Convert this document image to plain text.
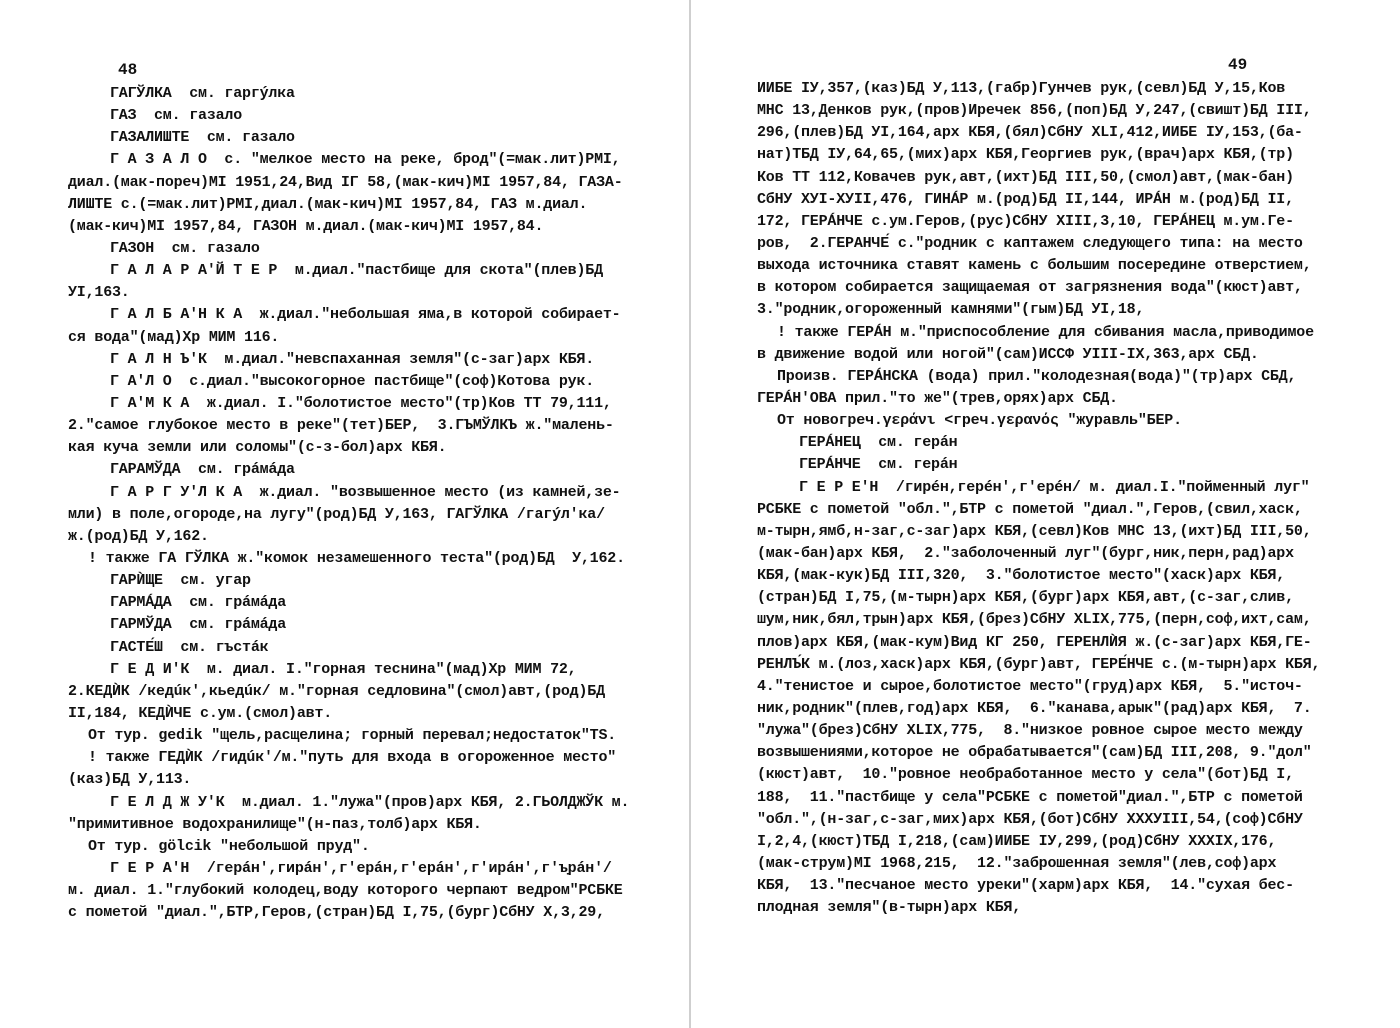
48
ГАГЎЛКА  см. гаргýлка
ГАЗ  см. газало
ГАЗАЛИШТЕ  см. газало
Г А З А Л О  с. "мелкое место на реке, брод"(=мак.лит)РМІ,
диал.(мак-пореч)МІ 1951,24,Вид ІГ 58,(мак-кич)МІ 1957,84, ГАЗА-
ЛИШТЕ с.(=мак.лит)РМІ,диал.(мак-кич)МІ 1957,84, ГАЗ м.диал.
(мак-кич)МІ 1957,84, ГАЗОН м.диал.(мак-кич)МІ 1957,84.
ГАЗОН  см. газало
Г А Л А Р А'Й Т Е Р  м.диал."пастбище для скота"(плев)БД
УІ,163.
Г А Л Б А'Н К А  ж.диал."небольшая яма,в которой собирает-
ся вода"(мад)Хр МИМ 116.
Г А Л Н Ъ'К  м.диал."невспаханная земля"(с-заг)арх КБЯ.
Г А'Л О  с.диал."высокогорное пастбище"(соф)Котова рук.
Г А'М К А  ж.диал. І."болотистое место"(тр)Ков ТТ 79,111,
2."самое глубокое место в реке"(тет)БЕР,  3.ГЪМЎЛКЪ ж."малень-
кая куча земли или соломы"(с-з-бол)арх КБЯ.
ГАРАМЎДА  см. грáмáда
Г А Р Г У'Л К А  ж.диал. "возвышенное место (из камней,зе-
мли) в поле,огороде,на лугу"(род)БД У,163, ГАГЎЛКА /гагýл'ка/
ж.(род)БД У,162.
! также ГА ГЎЛКА ж."комок незамешенного теста"(род)БД  У,162.
ГАРЍЩЕ  см. угар
ГАРМÁДА  см. грáмáда
ГАРМЎДА  см. грáмáда
ГАСТЕ́Ш  см. гъстáк
Г Е Д И'К  м. диал. І."горная теснина"(мад)Хр МИМ 72,
2.КЕДЍК /кедúк',кьедúк/ м."горная седловина"(смол)авт,(род)БД
ІІ,184, КЕДЍЧЕ с.ум.(смол)авт.
От тур. gedik "щель,расщелина; горный перевал;недостаток"TS.
! также ГЕДЍК /гидúк'/м."путь для входа в огороженное место"
(каз)БД У,113.
Г Е Л Д Ж У'К  м.диал. 1."лужа"(пров)арх КБЯ, 2.ГЬОЛДЖЎК м.
"примитивное водохранилище"(н-паз,толб)арх КБЯ.
От тур. gölcik "небольшой пруд".
Г Е Р А'Н  /герáн',гирáн',г'ерáн,г'ерáн',г'ирáн',г'ъ̣рáн'/
м. диал. 1."глубокий колодец,воду которого черпают ведром"РСБКЕ
с пометой "диал.",БТР,Геров,(стран)БД І,75,(бург)СбНУ Х,3,29,
49
ИИБЕ ІУ,357,(каз)БД У,113,(габр)Гунчев рук,(севл)БД У,15,Ков
МНС 13,Денков рук,(пров)Иречек 856,(поп)БД У,247,(свишт)БД ІІІ,
296,(плев)БД УІ,164,арх КБЯ,(бял)СбНУ ХLІ,412,ИИБЕ ІУ,153,(ба-
нат)ТБД ІУ,64,65,(мих)арх КБЯ,Георгиев рук,(врач)арх КБЯ,(тр)
Ков ТТ 112,Ковачев рук,авт,(ихт)БД ІІІ,50,(смол)авт,(мак-бан)
СбНУ ХУІ-ХУІІ,476, ГИНÁР м.(род)БД ІІ,144, ИРÁН м.(род)БД ІІ,
172, ГЕРÁНЧЕ с.ум.Геров,(рус)СбНУ ХІІІ,3,10, ГЕРÁНЕЦ м.ум.Ге-
ров,  2.ГЕРАНЧЕ́ с."родник с каптажем следующего типа: на место
выхода источника ставят камень с большим посередине отверстием,
в котором собирается защищаемая от загрязнения вода"(кюст)авт,
3."родник,огороженный камнями"(гым)БД УІ,18,
! также ГЕРÁН м."приспособление для сбивания масла,приводимое
в движение водой или ногой"(сам)ИССФ УІІІ-ІХ,363,арх СБД.
Произв. ГЕРÁНСКА (вода) прил."колодезная(вода)"(тр)арх СБД,
ГЕРÁН'ОВА прил."то же"(трев,орях)арх СБД.
От новогреч.γεράνι <греч.γερανός "журавль"БЕР.
ГЕРÁНЕЦ  см. герáн
ГЕРÁНЧЕ  см. герáн
Г Е Р Е'Н  /гирéн,герéн',г'ерéн/ м. диал.І."пойменный луг"
РСБКЕ с пометой "обл.",БТР с пометой "диал.",Геров,(свил,хаск,
м-тырн,ямб,н-заг,с-заг)арх КБЯ,(севл)Ков МНС 13,(ихт)БД ІІІ,50,
(мак-бан)арх КБЯ,  2."заболоченный луг"(бург,ник,перн,рад)арх
КБЯ,(мак-кук)БД ІІІ,320,  3."болотистое место"(хаск)арх КБЯ,
(стран)БД І,75,(м-тырн)арх КБЯ,(бург)арх КБЯ,авт,(с-заг,слив,
шум,ник,бял,трын)арх КБЯ,(брез)СбНУ ХLІХ,775,(перн,соф,ихт,сам,
плов)арх КБЯ,(мак-кум)Вид КГ 250, ГЕРЕНЛЍЯ ж.(с-заг)арх КБЯ,ГЕ-
РЕНЛЪ́К м.(лоз,хаск)арх КБЯ,(бург)авт, ГЕРЕ́НЧЕ с.(м-тырн)арх КБЯ,
4."тенистое и сырое,болотистое место"(груд)арх КБЯ,  5."источ-
ник,родник"(плев,год)арх КБЯ,  6."канава,арык"(рад)арх КБЯ,  7.
"лужа"(брез)СбНУ ХLІХ,775,  8."низкое ровное сырое место между
возвышениями,которое не обрабатывается"(сам)БД ІІІ,208, 9."дол"
(кюст)авт,  10."ровное необработанное место у села"(бот)БД І,
188,  11."пастбище у села"РСБКЕ с пометой"диал.",БТР с пометой
"обл.",(н-заг,с-заг,мих)арх КБЯ,(бот)СбНУ ХХХУІІІ,54,(соф)СбНУ
І,2,4,(кюст)ТБД І,218,(сам)ИИБЕ ІУ,299,(род)СбНУ ХХХІХ,176,
(мак-струм)МІ 1968,215,  12."заброшенная земля"(лев,соф)арх
КБЯ,  13."песчаное место уреки"(харм)арх КБЯ,  14."сухая бес-
плодная земля"(в-тырн)арх КБЯ,
